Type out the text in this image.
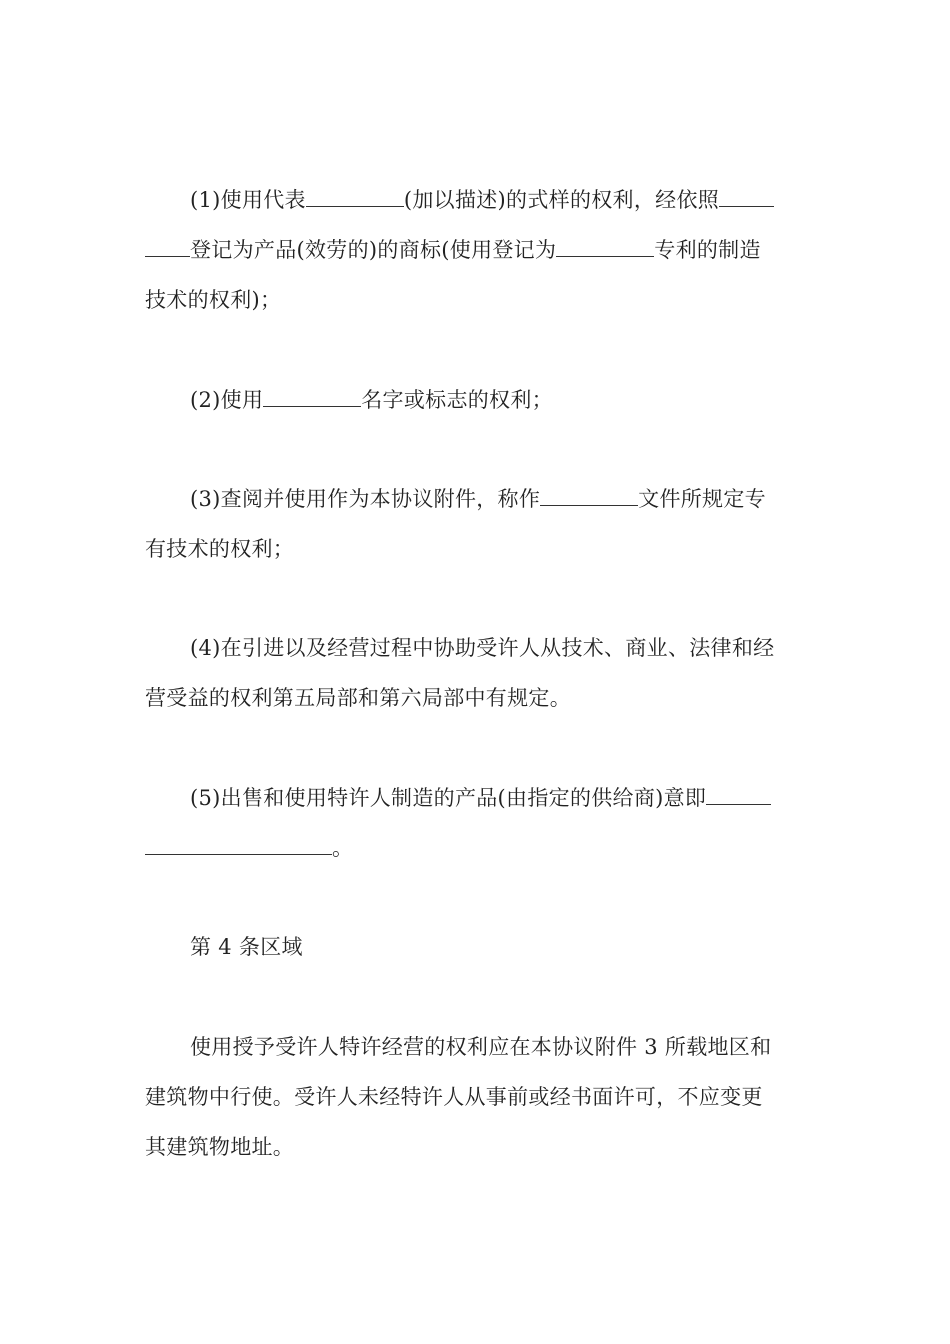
(1)使用代表	(加以描述)的式样的权利，经依照
登记为产品(效劳的)的商标(使用登记为	专利的制造
技术的权利)；
(2)使用	名字或标志的权利；
(3)查阅并使用作为本协议附件，称作	文件所规定专
有技术的权利；
(4)在引进以及经营过程中协助受许人从技术、商业、法律和经
营受益的权利第五局部和第六局部中有规定。
(5)出售和使用特许人制造的产品(由指定的供给商)意即
。
第 4 条区域
使用授予受许人特许经营的权利应在本协议附件 3 所载地区和
建筑物中行使。受许人未经特许人从事前或经书面许可，不应变更
其建筑物地址。
